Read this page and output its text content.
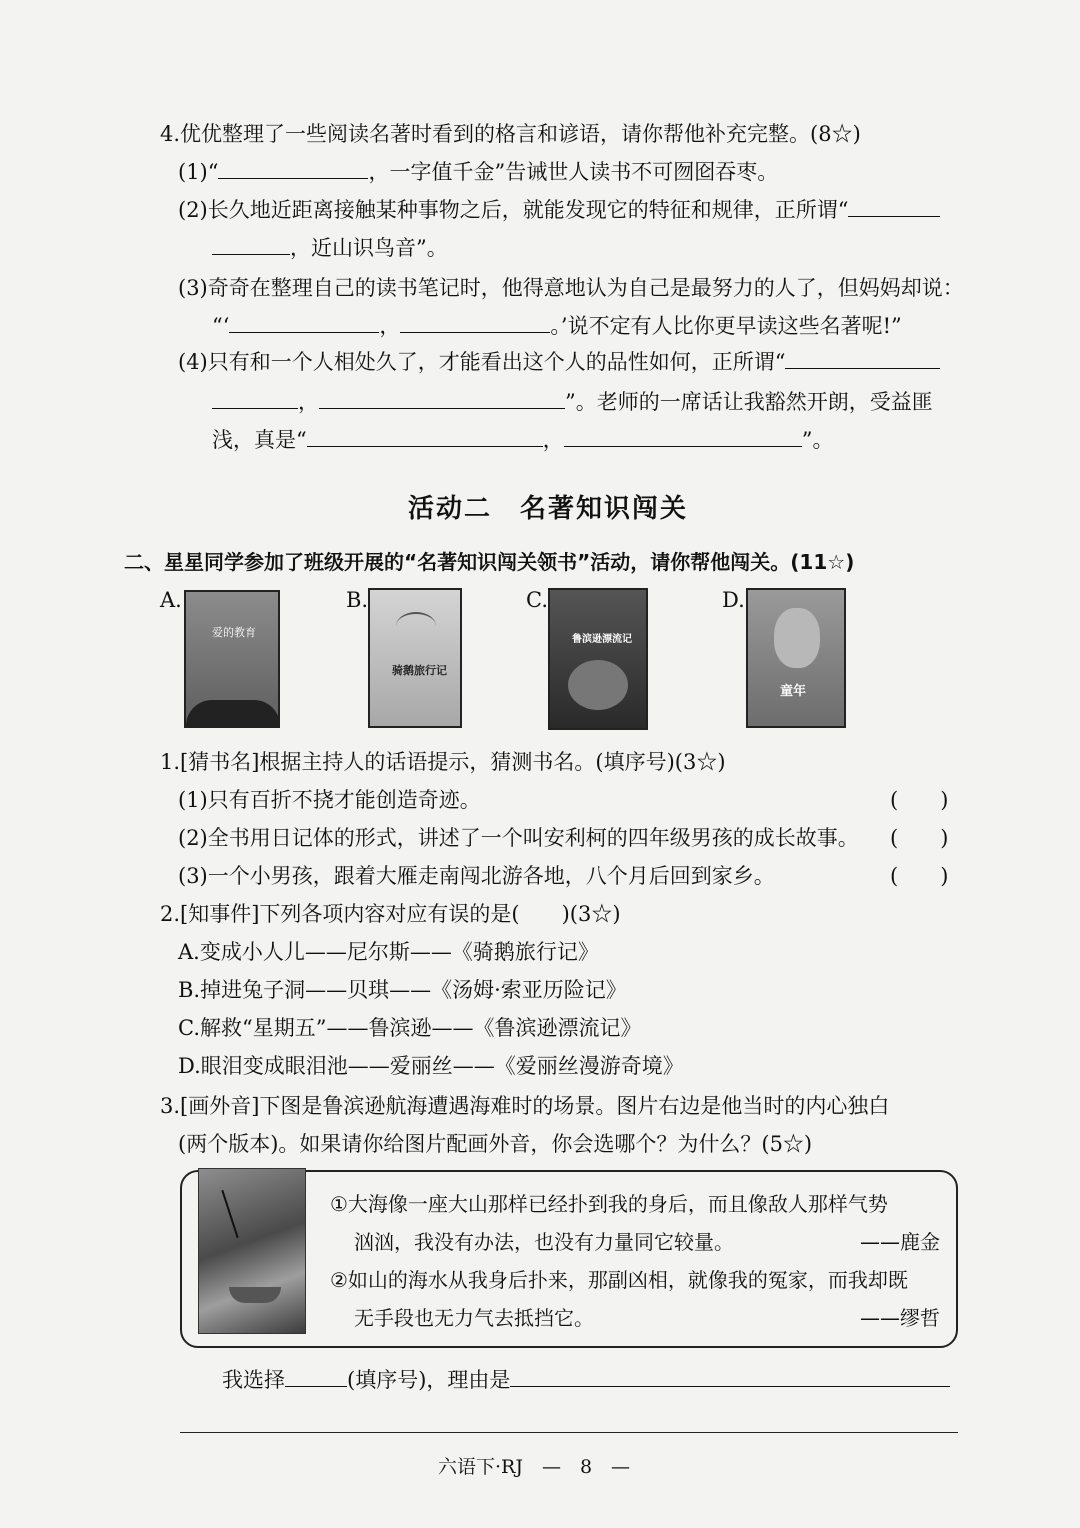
4.优优整理了一些阅读名著时看到的格言和谚语，请你帮他补充完整。(8☆)
(1)“	，一字值千金”告诫世人读书不可囫囵吞枣。
(2)长久地近距离接触某种事物之后，就能发现它的特征和规律，正所谓“
，近山识鸟音”。
(3)奇奇在整理自己的读书笔记时，他得意地认为自己是最努力的人了，但妈妈却说：
“‘	，	。’说不定有人比你更早读这些名著呢!”
(4)只有和一个人相处久了，才能看出这个人的品性如何，正所谓“
，	”。老师的一席话让我豁然开朗，受益匪
浅，真是“	，	”。
活动二　名著知识闯关
二、星星同学参加了班级开展的“名著知识闯关领书”活动，请你帮他闯关。(11☆)
A.
爱的教育
B.
骑鹅旅行记
C.
鲁滨逊漂流记
D.
童年
1.[猜书名]根据主持人的话语提示，猜测书名。(填序号)(3☆)
(1)只有百折不挠才能创造奇迹。	(　　)
(2)全书用日记体的形式，讲述了一个叫安利柯的四年级男孩的成长故事。 (　　)
(3)一个小男孩，跟着大雁走南闯北游各地，八个月后回到家乡。	(　　)
2.[知事件]下列各项内容对应有误的是(　　)(3☆)
A.变成小人儿——尼尔斯——《骑鹅旅行记》
B.掉进兔子洞——贝琪——《汤姆·索亚历险记》
C.解救“星期五”——鲁滨逊——《鲁滨逊漂流记》
D.眼泪变成眼泪池——爱丽丝——《爱丽丝漫游奇境》
3.[画外音]下图是鲁滨逊航海遭遇海难时的场景。图片右边是他当时的内心独白
(两个版本)。如果请你给图片配画外音，你会选哪个？为什么？(5☆)
①大海像一座大山那样已经扑到我的身后，而且像敌人那样气势
汹汹，我没有办法，也没有力量同它较量。	——鹿金
②如山的海水从我身后扑来，那副凶相，就像我的冤家，而我却既
无手段也无力气去抵挡它。	——缪哲
我选择	(填序号)，理由是
六语下·RJ　—　8　—
